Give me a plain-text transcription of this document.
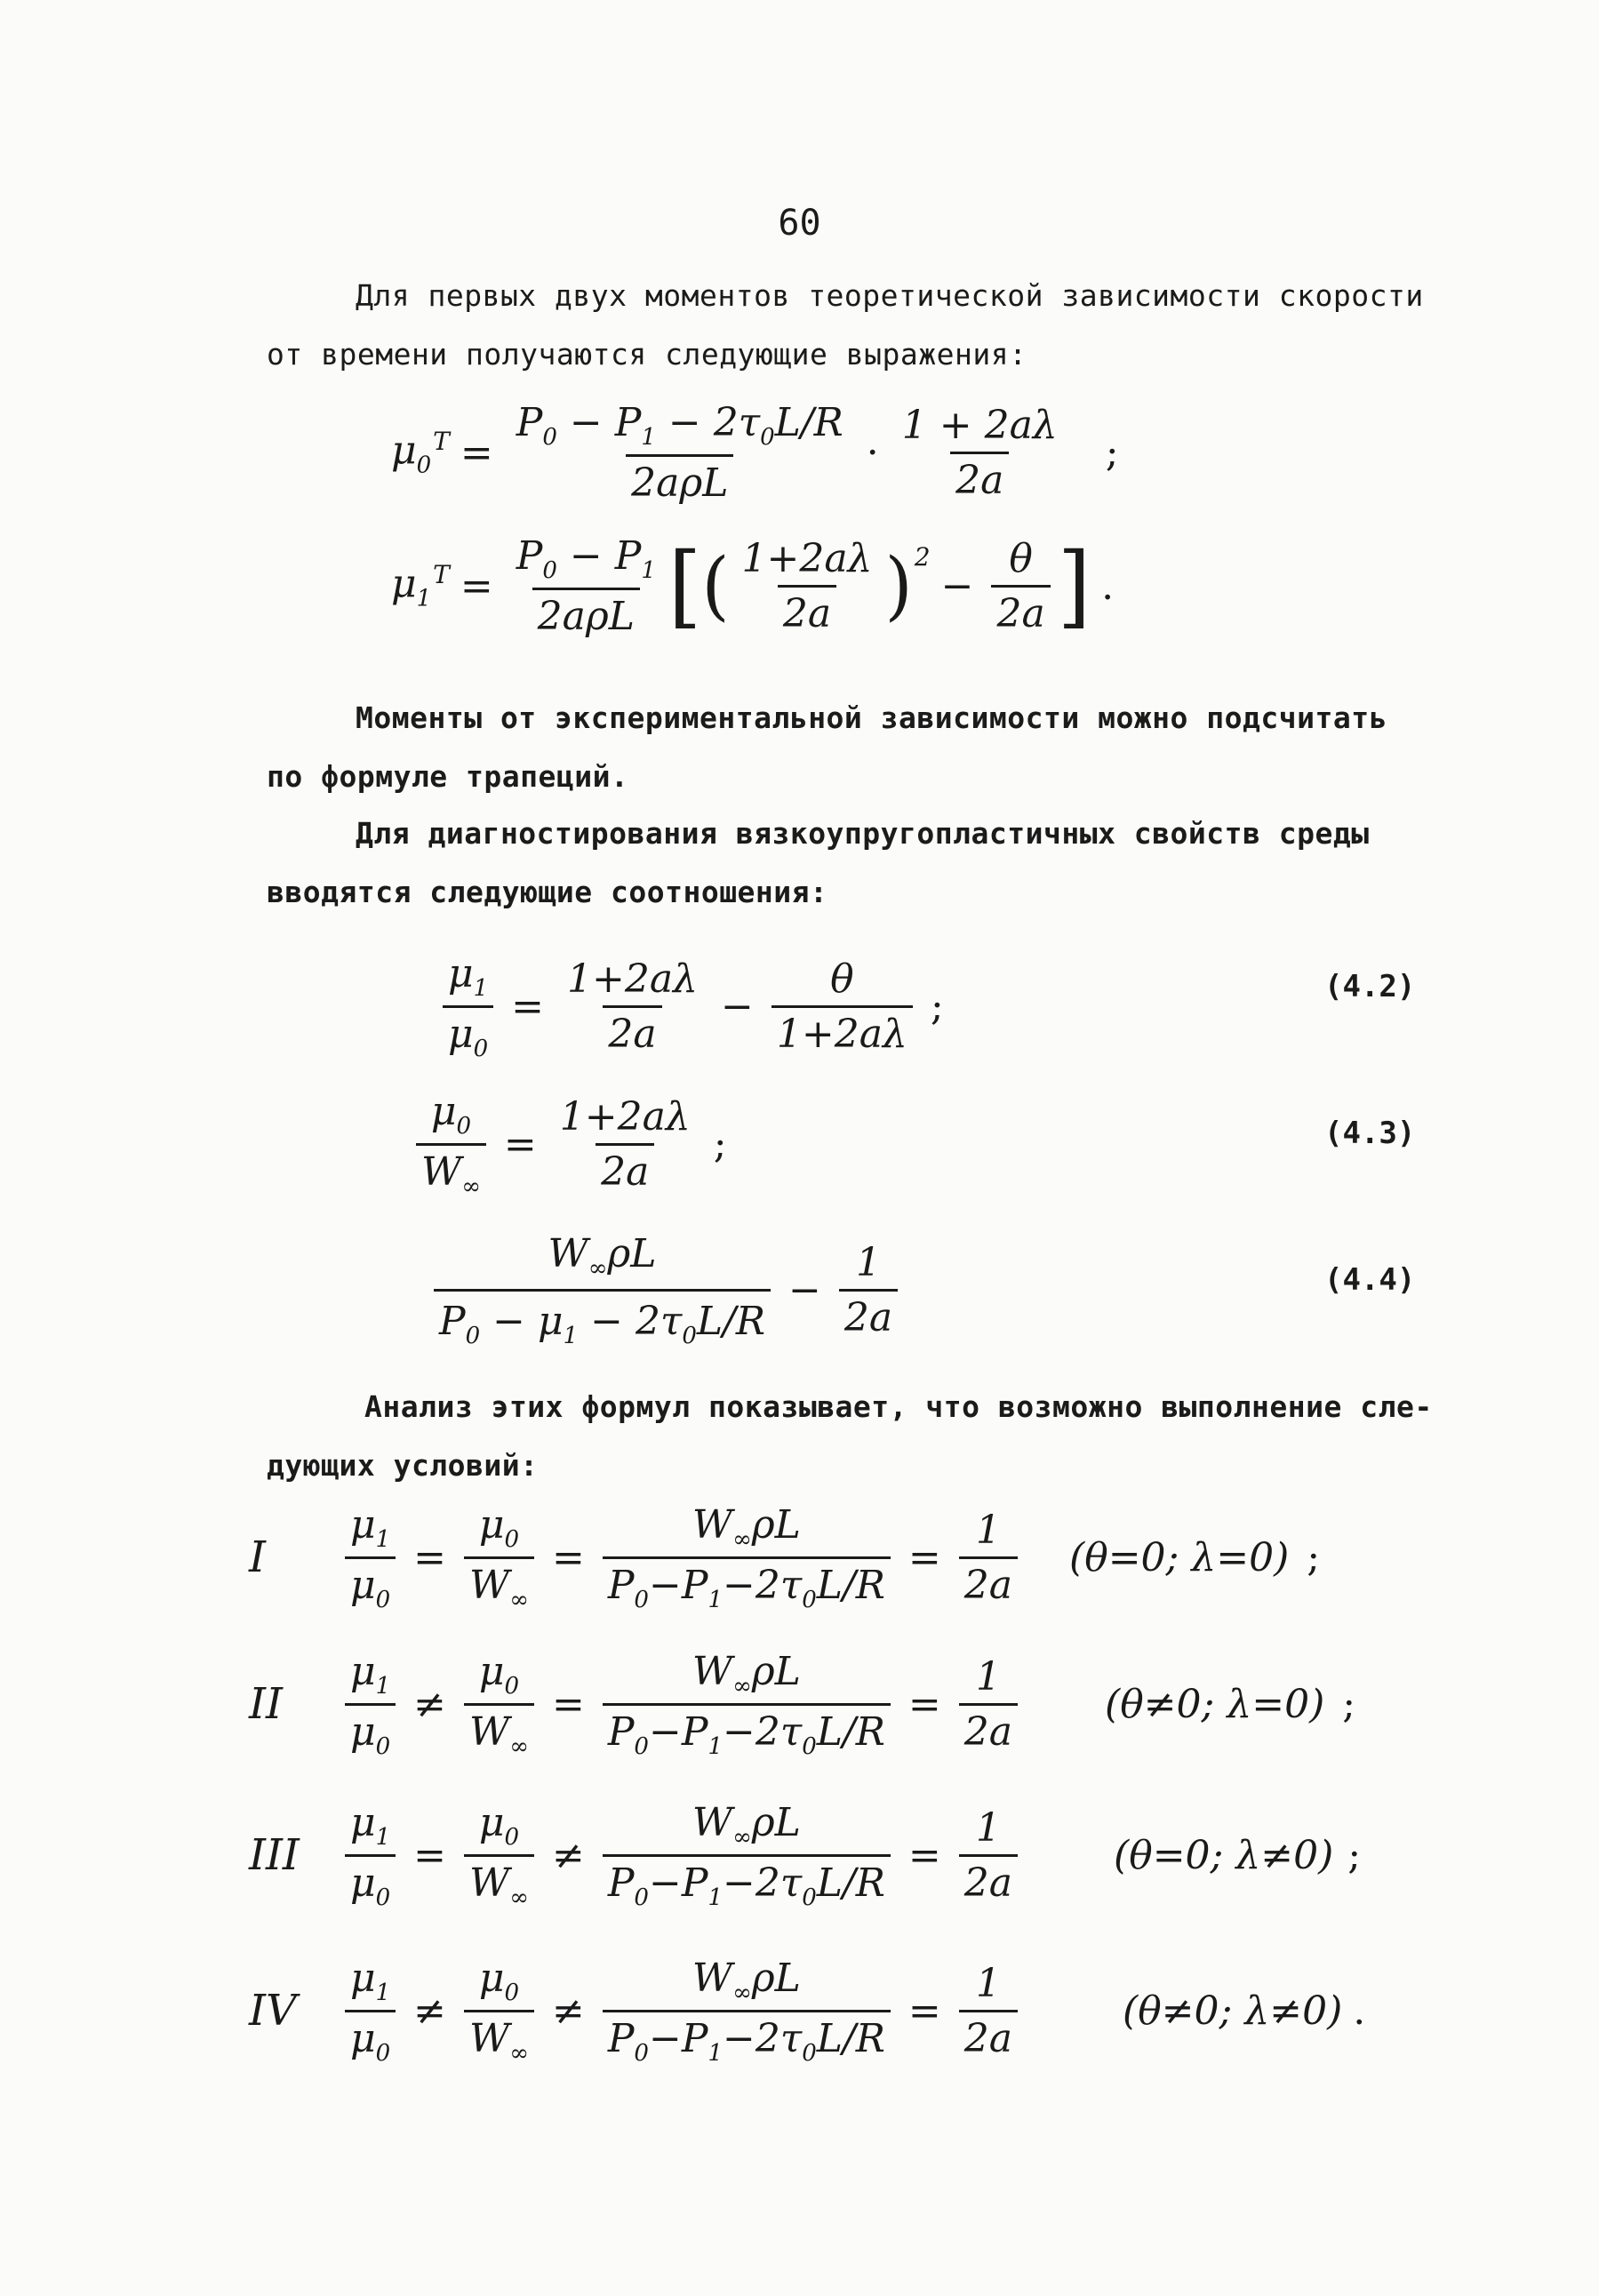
60
Для первых двух моментов теоретической зависимости скорости
от времени получаются следующие выражения:
$\mu_0^T = \frac{P_0 - P_1 - 2\tau_0L/R}{\text{2aρL}} \cdot \frac{1 + 2a\lambda}{2a}$ ;
$\mu_1^T = \frac{P_0 - P_1}{\text{2aρL}}$ [ ( $\frac{1+2a\lambda}{2a}$ ) 2
− $\frac{\theta}{2a}$ ] .
Моменты от экспериментальной зависимости можно подсчитать
по формуле трапеций.
Для диагностирования вязкоупругопластичных свойств среды
вводятся следующие соотношения:
$\frac{\mu_1}{\mu_0} = \frac{1+2a\lambda}{2a} - \frac{\theta}{1+2a\lambda}$ ;	(4.2)
$\frac{\mu_0}{W_\infty} = \frac{1+2a\lambda}{2a}$ ;	(4.3)
$\frac{W_\infty\rho L}{P_0 - \mu_1 - 2\tau_0L/R} - \frac{1}{2a}$	(4.4)
Анализ этих формул показывает, что возможно выполнение сле-
дующих условий:
I	$\frac{\mu_1}{\mu_0} = \frac{\mu_0}{W_\infty} = \frac{W_\infty\rho L}{P_0-P_1-2\tau_0L/R} = \frac{1}{2a} (\theta=0$; λ=0) ;
II	$\frac{\mu_1}{\mu_0} \ne \frac{\mu_0}{W_\infty} = \frac{W_\infty\rho L}{P_0-P_1-2\tau_0L/R} = \frac{1}{2a} (\theta\ne 0$; λ=0) ;
III $\frac{\mu_1}{\mu_0} = \frac{\mu_0}{W_\infty} \ne \frac{W_\infty\rho L}{P_0-P_1-2\tau_0L/R} = \frac{1}{2a} (\theta=0$; λ≠0) ;
IV $\frac{\mu_1}{\mu_0} \ne \frac{\mu_0}{W_\infty} \ne \frac{W_\infty\rho L}{P_0-P_1-2\tau_0L/R} = \frac{1}{2a}$	(θ≠0; λ≠0) .
